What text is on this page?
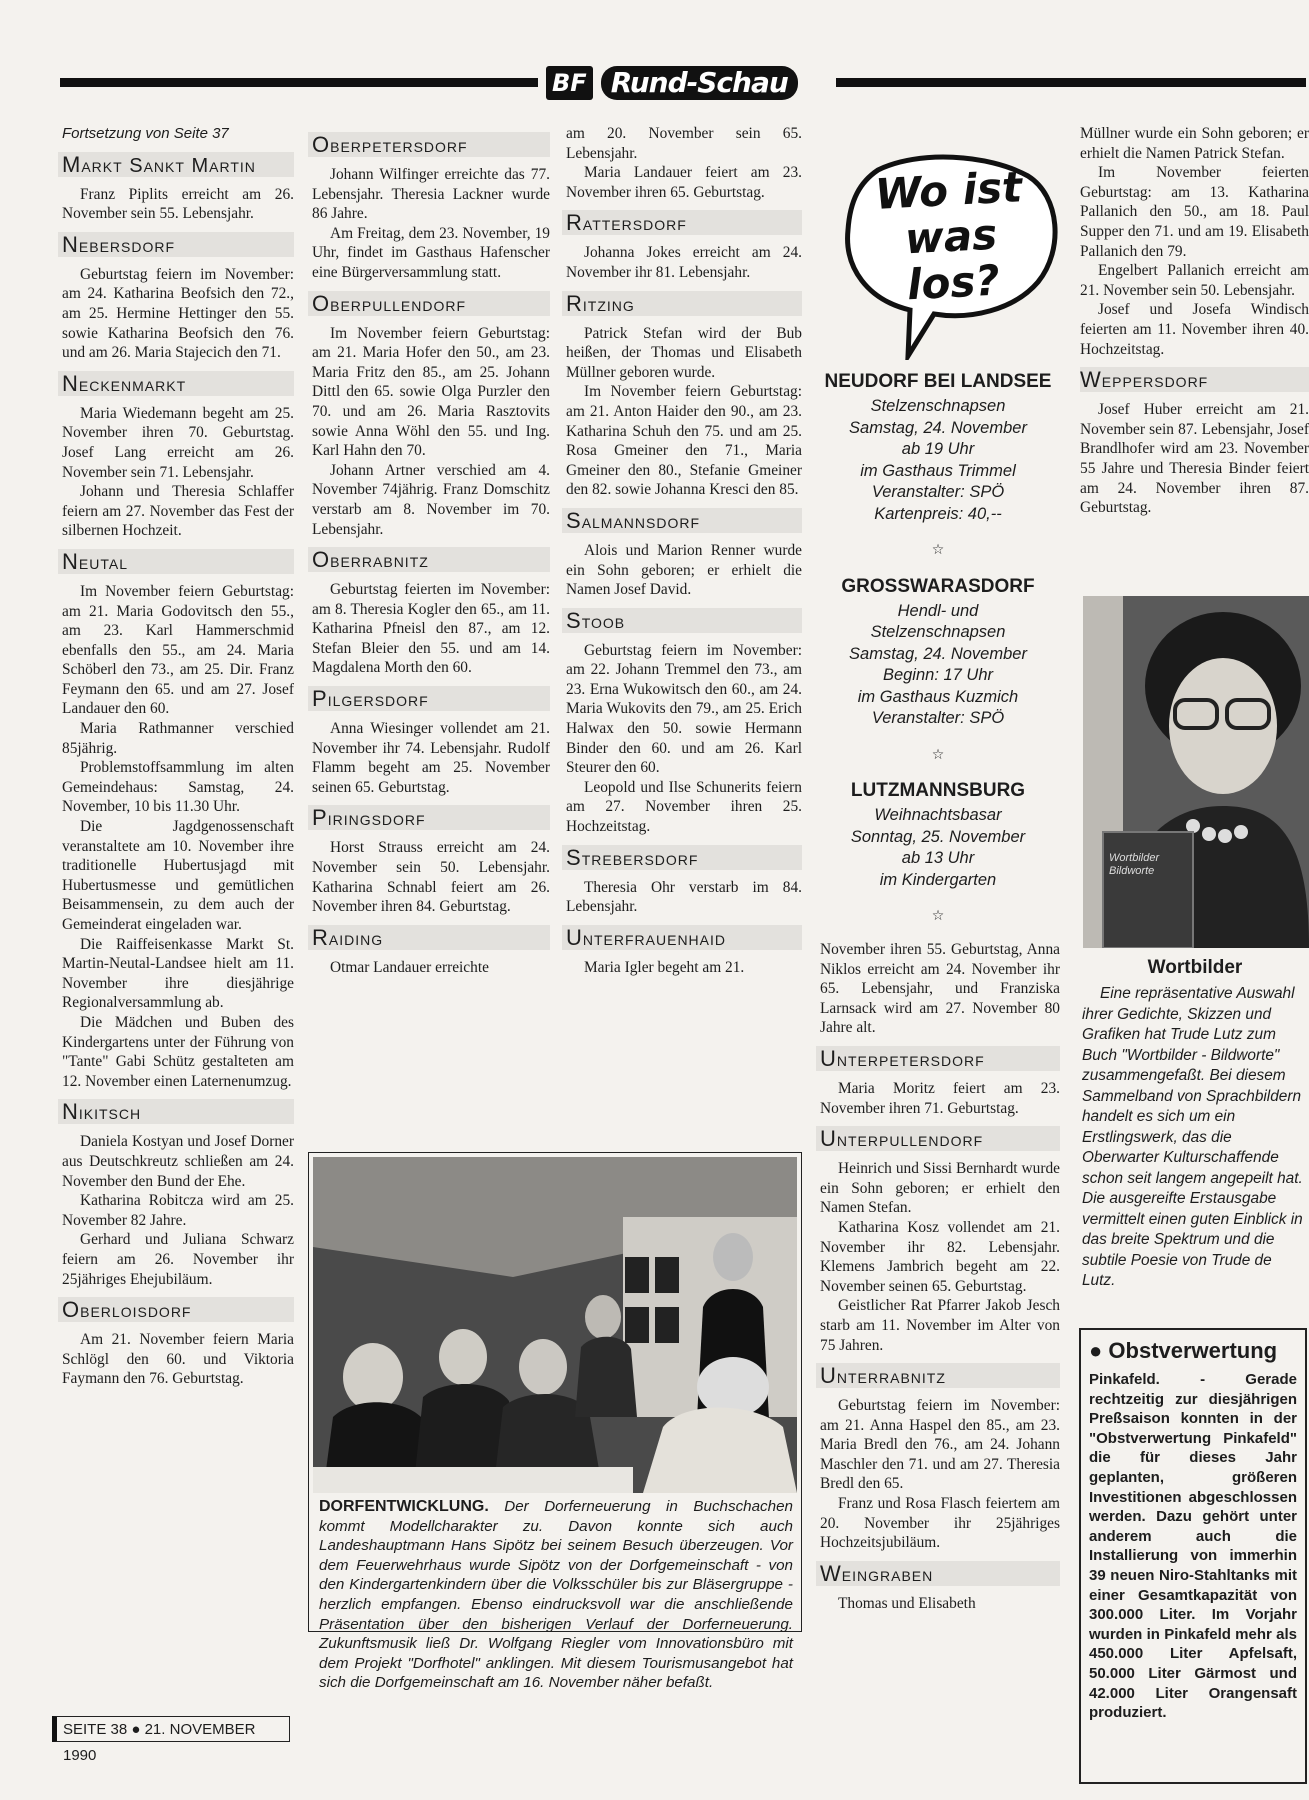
BF Rund-Schau

Fortsetzung von Seite 37

Markt Sankt Martin

Franz Piplits erreicht am 26. November sein 55. Lebensjahr.

Nebersdorf

Geburtstag feiern im November: am 24. Katharina Beofsich den 72., am 25. Hermine Hettinger den 55. sowie Katharina Beofsich den 76. und am 26. Maria Stajecich den 71.

Neckenmarkt

Maria Wiedemann begeht am 25. November ihren 70. Geburtstag. Josef Lang erreicht am 26. November sein 71. Lebensjahr.

Johann und Theresia Schlaffer feiern am 27. November das Fest der silbernen Hochzeit.

Neutal

Im November feiern Geburtstag: am 21. Maria Godovitsch den 55., am 23. Karl Hammerschmid ebenfalls den 55., am 24. Maria Schöberl den 73., am 25. Dir. Franz Feymann den 65. und am 27. Josef Landauer den 60.

Maria Rathmanner verschied 85jährig.

Problemstoffsammlung im alten Gemeindehaus: Samstag, 24. November, 10 bis 11.30 Uhr.

Die Jagdgenossenschaft veranstaltete am 10. November ihre traditionelle Hubertusjagd mit Hubertusmesse und gemütlichen Beisammensein, zu dem auch der Gemeinderat eingeladen war.

Die Raiffeisenkasse Markt St. Martin-Neutal-Landsee hielt am 11. November ihre diesjährige Regionalversammlung ab.

Die Mädchen und Buben des Kindergartens unter der Führung von "Tante" Gabi Schütz gestalteten am 12. November einen Laternenumzug.

Nikitsch

Daniela Kostyan und Josef Dorner aus Deutschkreutz schließen am 24. November den Bund der Ehe.

Katharina Robitcza wird am 25. November 82 Jahre.

Gerhard und Juliana Schwarz feiern am 26. November ihr 25jähriges Ehejubiläum.

Oberloisdorf

Am 21. November feiern Maria Schlögl den 60. und Viktoria Faymann den 76. Geburtstag.

Oberpetersdorf

Johann Wilfinger erreichte das 77. Lebensjahr. Theresia Lackner wurde 86 Jahre.

Am Freitag, dem 23. November, 19 Uhr, findet im Gasthaus Hafenscher eine Bürgerversammlung statt.

Oberpullendorf

Im November feiern Geburtstag: am 21. Maria Hofer den 50., am 23. Maria Fritz den 85., am 25. Johann Dittl den 65. sowie Olga Purzler den 70. und am 26. Maria Rasztovits sowie Anna Wöhl den 55. und Ing. Karl Hahn den 70.

Johann Artner verschied am 4. November 74jährig. Franz Domschitz verstarb am 8. November im 70. Lebensjahr.

Oberrabnitz

Geburtstag feierten im November: am 8. Theresia Kogler den 65., am 11. Katharina Pfneisl den 87., am 12. Stefan Bleier den 55. und am 14. Magdalena Morth den 60.

Pilgersdorf

Anna Wiesinger vollendet am 21. November ihr 74. Lebensjahr. Rudolf Flamm begeht am 25. November seinen 65. Geburtstag.

Piringsdorf

Horst Strauss erreicht am 24. November sein 50. Lebensjahr. Katharina Schnabl feiert am 26. November ihren 84. Geburtstag.

Raiding

Otmar Landauer erreichte

am 20. November sein 65. Lebensjahr.

Maria Landauer feiert am 23. November ihren 65. Geburtstag.

Rattersdorf

Johanna Jokes erreicht am 24. November ihr 81. Lebensjahr.

Ritzing

Patrick Stefan wird der Bub heißen, der Thomas und Elisabeth Müllner geboren wurde.

Im November feiern Geburtstag: am 21. Anton Haider den 90., am 23. Katharina Schuh den 75. und am 25. Rosa Gmeiner den 71., Maria Gmeiner den 80., Stefanie Gmeiner den 82. sowie Johanna Kresci den 85.

Salmannsdorf

Alois und Marion Renner wurde ein Sohn geboren; er erhielt die Namen Josef David.

Stoob

Geburtstag feiern im November: am 22. Johann Tremmel den 73., am 23. Erna Wukowitsch den 60., am 24. Maria Wukovits den 79., am 25. Erich Halwax den 50. sowie Hermann Binder den 60. und am 26. Karl Steurer den 60.

Leopold und Ilse Schunerits feiern am 27. November ihren 25. Hochzeitstag.

Strebersdorf

Theresia Ohr verstarb im 84. Lebensjahr.

Unterfrauenhaid

Maria Igler begeht am 21.

Wo ist was los?
NEUDORF BEI LANDSEE
Stelzenschnapsen
Samstag, 24. November
ab 19 Uhr
im Gasthaus Trimmel
Veranstalter: SPÖ
Kartenpreis: 40,--
☆
GROSSWARASDORF
Hendl- und
Stelzenschnapsen
Samstag, 24. November
Beginn: 17 Uhr
im Gasthaus Kuzmich
Veranstalter: SPÖ
☆
LUTZMANNSBURG
Weihnachtsbasar
Sonntag, 25. November
ab 13 Uhr
im Kindergarten
☆

November ihren 55. Geburtstag, Anna Niklos erreicht am 24. November ihr 65. Lebensjahr, und Franziska Larnsack wird am 27. November 80 Jahre alt.

Unterpetersdorf

Maria Moritz feiert am 23. November ihren 71. Geburtstag.

Unterpullendorf

Heinrich und Sissi Bernhardt wurde ein Sohn geboren; er erhielt den Namen Stefan.

Katharina Kosz vollendet am 21. November ihr 82. Lebensjahr. Klemens Jambrich begeht am 22. November seinen 65. Geburtstag.

Geistlicher Rat Pfarrer Jakob Jesch starb am 11. November im Alter von 75 Jahren.

Unterrabnitz

Geburtstag feiern im November: am 21. Anna Haspel den 85., am 23. Maria Bredl den 76., am 24. Johann Maschler den 71. und am 27. Theresia Bredl den 65.

Franz und Rosa Flasch feiertem am 20. November ihr 25jähriges Hochzeitsjubiläum.

Weingraben

Thomas und Elisabeth

Müllner wurde ein Sohn geboren; er erhielt die Namen Patrick Stefan.

Im November feierten Geburtstag: am 13. Katharina Pallanich den 50., am 18. Paul Supper den 71. und am 19. Elisabeth Pallanich den 79.

Engelbert Pallanich erreicht am 21. November sein 50. Lebensjahr.

Josef und Josefa Windisch feierten am 11. November ihren 40. Hochzeitstag.

Weppersdorf

Josef Huber erreicht am 21. November sein 87. Lebensjahr, Josef Brandlhofer wird am 23. November 55 Jahre und Theresia Binder feiert am 24. November ihren 87. Geburtstag.

Wortbilder Bildworte
Wortbilder

Eine repräsentative Auswahl ihrer Gedichte, Skizzen und Grafiken hat Trude Lutz zum Buch "Wortbilder - Bildworte" zusammengefaßt. Bei diesem Sammelband von Sprachbildern handelt es sich um ein Erstlingswerk, das die Oberwarter Kulturschaffende schon seit langem angepeilt hat. Die ausgereifte Erstausgabe vermittelt einen guten Einblick in das breite Spektrum und die subtile Poesie von Trude de Lutz.

● Obstverwertung
Pinkafeld. - Gerade rechtzeitig zur diesjährigen Preßsaison konnten in der "Obstverwertung Pinkafeld" die für dieses Jahr geplanten, größeren Investitionen abgeschlossen werden. Dazu gehört unter anderem auch die Installierung von immerhin 39 neuen Niro-Stahltanks mit einer Gesamtkapazität von 300.000 Liter. Im Vorjahr wurden in Pinkafeld mehr als 450.000 Liter Apfelsaft, 50.000 Liter Gärmost und 42.000 Liter Orangensaft produziert.
DORFENTWICKLUNG. Der Dorferneuerung in Buchschachen kommt Modellcharakter zu. Davon konnte sich auch Landeshauptmann Hans Sipötz bei seinem Besuch überzeugen. Vor dem Feuerwehrhaus wurde Sipötz von der Dorfgemeinschaft - von den Kindergartenkindern über die Volksschüler bis zur Bläsergruppe - herzlich empfangen. Ebenso eindrucksvoll war die anschließende Präsentation über den bisherigen Verlauf der Dorferneuerung. Zukunftsmusik ließ Dr. Wolfgang Riegler vom Innovationsbüro mit dem Projekt "Dorfhotel" anklingen. Mit diesem Tourismusangebot hat sich die Dorfgemeinschaft am 16. November näher befaßt.
SEITE 38 ● 21. NOVEMBER 1990
